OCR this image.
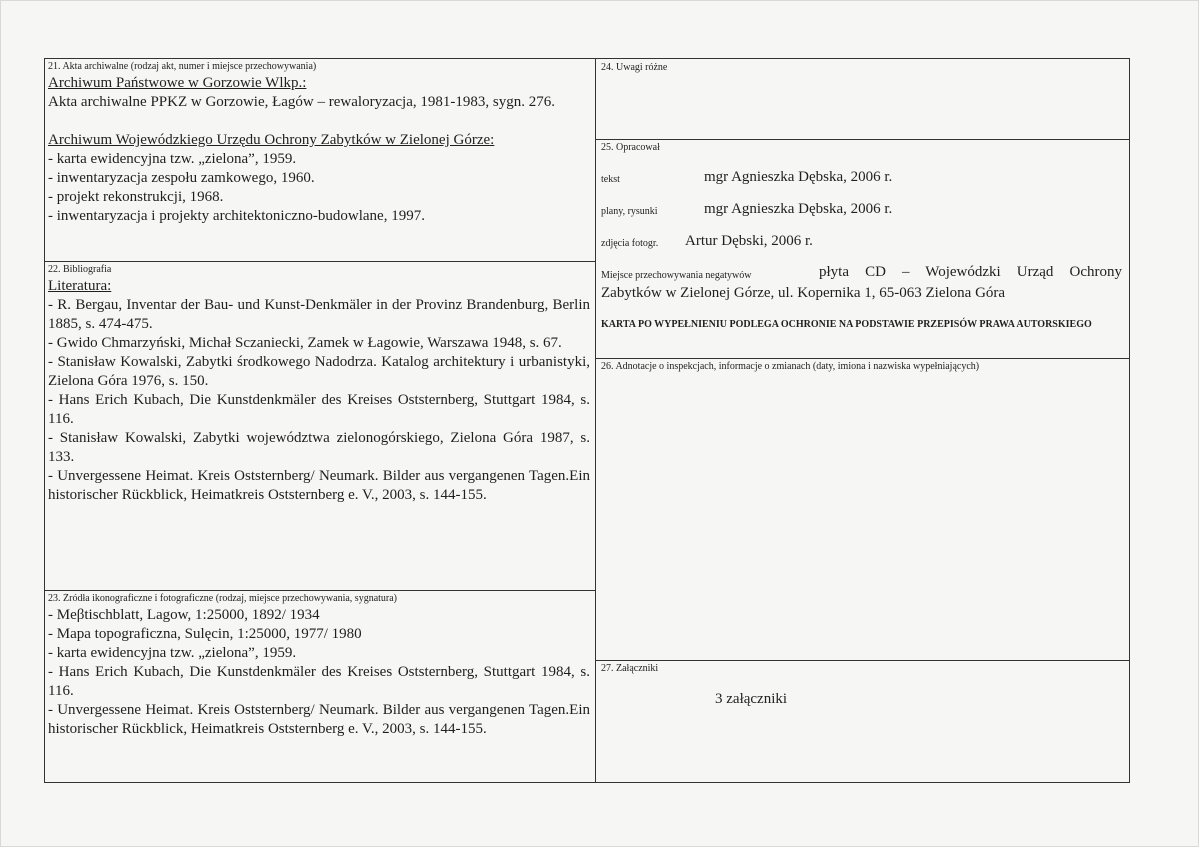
21. Akta archiwalne (rodzaj akt, numer i miejsce przechowywania)
Archiwum Państwowe w Gorzowie Wlkp.:
Akta archiwalne PPKZ w Gorzowie, Łagów – rewaloryzacja, 1981-1983, sygn. 276.
Archiwum Wojewódzkiego Urzędu Ochrony Zabytków w Zielonej Górze:
- karta ewidencyjna tzw. „zielona”, 1959.
- inwentaryzacja zespołu zamkowego, 1960.
- projekt rekonstrukcji, 1968.
- inwentaryzacja i projekty architektoniczno-budowlane, 1997.
22. Bibliografia
Literatura:
- R. Bergau, Inventar der Bau- und Kunst-Denkmäler in der Provinz Brandenburg, Berlin 1885, s. 474-475.
- Gwido Chmarzyński, Michał Sczaniecki, Zamek w Łagowie, Warszawa 1948, s. 67.
- Stanisław Kowalski, Zabytki środkowego Nadodrza. Katalog architektury i urbanistyki, Zielona Góra 1976, s. 150.
- Hans Erich Kubach, Die Kunstdenkmäler des Kreises Oststernberg, Stuttgart 1984, s. 116.
- Stanisław Kowalski, Zabytki województwa zielonogórskiego, Zielona Góra 1987, s. 133.
- Unvergessene Heimat. Kreis Oststernberg/ Neumark. Bilder aus vergangenen Tagen.Ein historischer Rückblick, Heimatkreis Oststernberg e. V., 2003, s. 144-155.
23. Źródła ikonograficzne i fotograficzne (rodzaj, miejsce przechowywania, sygnatura)
- Meβtischblatt, Lagow, 1:25000, 1892/ 1934
- Mapa topograficzna, Sulęcin, 1:25000, 1977/ 1980
- karta ewidencyjna tzw. „zielona”, 1959.
- Hans Erich Kubach, Die Kunstdenkmäler des Kreises Oststernberg, Stuttgart 1984, s. 116.
- Unvergessene Heimat. Kreis Oststernberg/ Neumark. Bilder aus vergangenen Tagen.Ein historischer Rückblick, Heimatkreis Oststernberg e. V., 2003, s. 144-155.
24. Uwagi różne
25. Opracował
tekst	mgr Agnieszka Dębska, 2006 r.
plany, rysunki	mgr Agnieszka Dębska, 2006 r.
zdjęcia fotogr. Artur Dębski, 2006 r.
Miejsce przechowywania negatywów	płyta CD – Wojewódzki Urząd Ochrony
Zabytków w Zielonej Górze, ul. Kopernika 1, 65-063 Zielona Góra
KARTA PO WYPEŁNIENIU PODLEGA OCHRONIE NA PODSTAWIE PRZEPISÓW PRAWA AUTORSKIEGO
26. Adnotacje o inspekcjach, informacje o zmianach (daty, imiona i nazwiska wypełniających)
27. Załączniki
3 załączniki
